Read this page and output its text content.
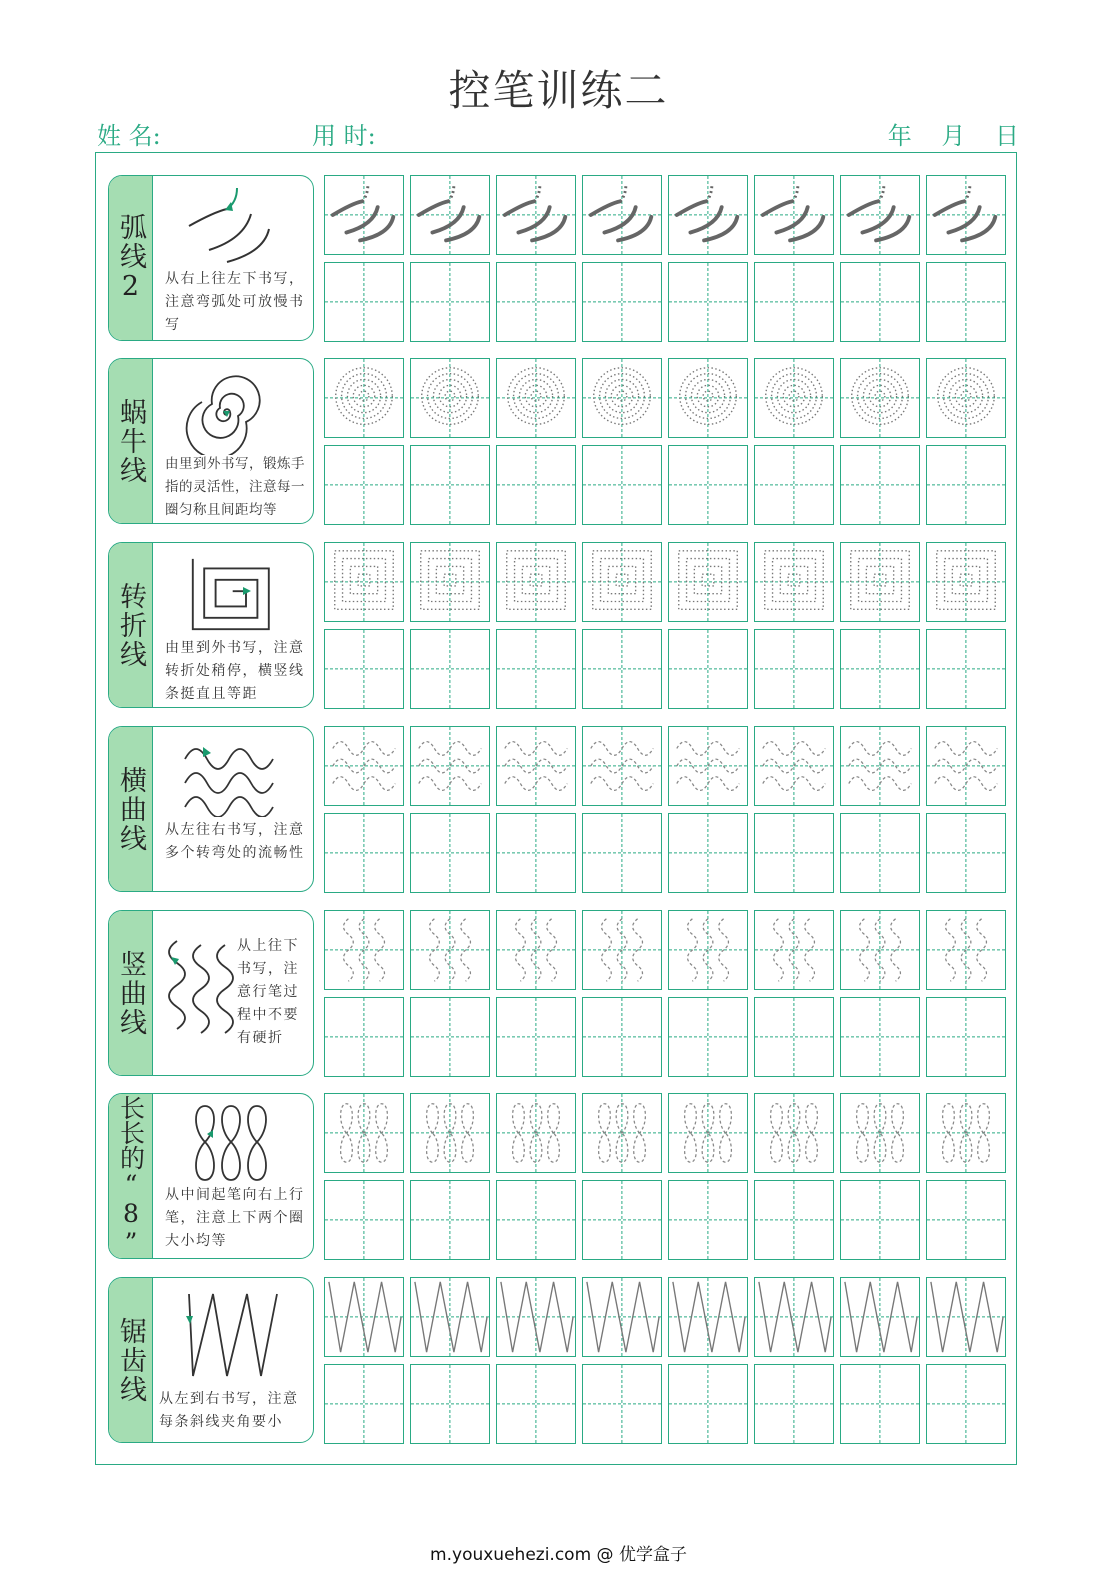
控笔训练二
姓 名:	用 时:	年 月 日
弧线2 从右上往左下书写，注意弯弧处可放慢书写
蜗牛线 由里到外书写，锻炼手指的灵活性，注意每一圈匀称且间距均等
转折线 由里到外书写，注意转折处稍停，横竖线条挺直且等距
横曲线 从左往右书写，注意多个转弯处的流畅性
竖曲线
从上往下书写，注意行笔过程中不要有硬折
长长的“8” 从中间起笔向右上行笔，注意上下两个圈大小均等
锯齿线 从左到右书写，注意每条斜线夹角要小
m.youxuehezi.com @ 优学盒子
